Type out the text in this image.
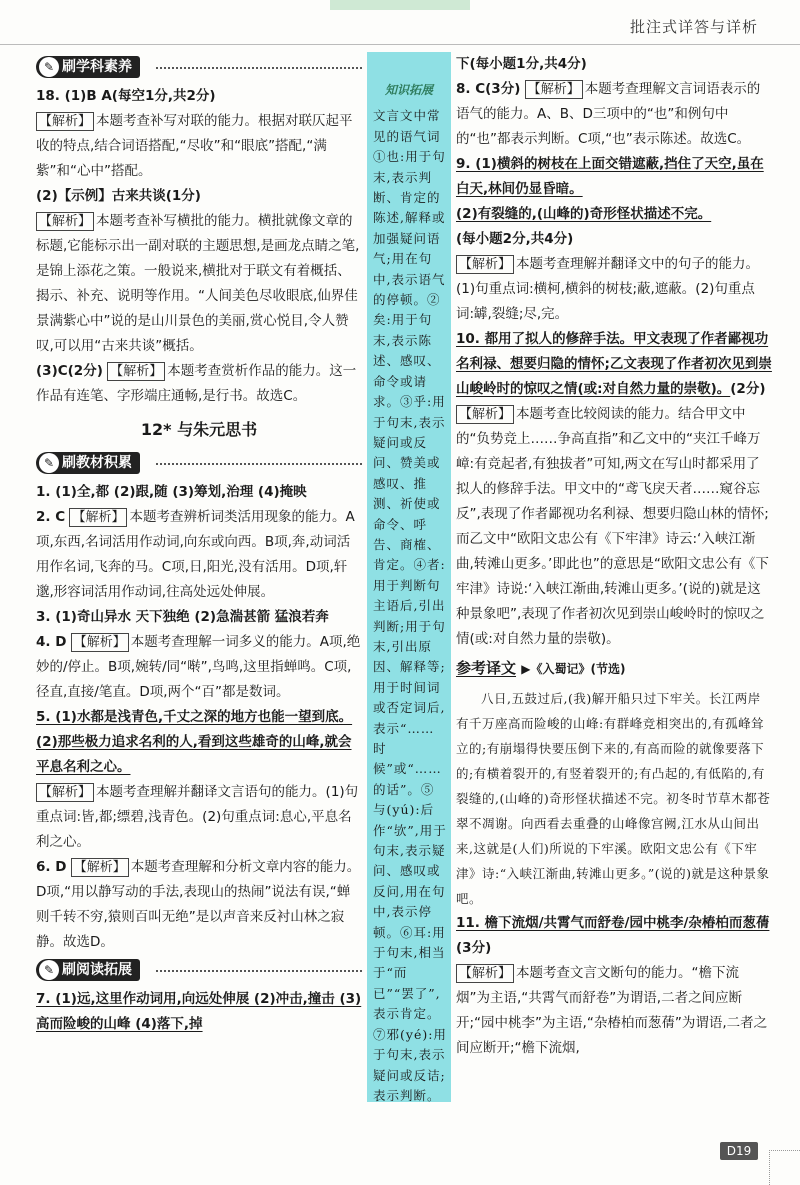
批注式详答与详析
✎ 刷学科素养

18. (1)B A(每空1分,共2分)

【解析】 本题考查补写对联的能力。根据对联仄起平收的特点,结合词语搭配,“尽收”和“眼底”搭配,“满紫”和“心中”搭配。

(2)【示例】古来共谈(1分)

【解析】 本题考查补写横批的能力。横批就像文章的标题,它能标示出一副对联的主题思想,是画龙点睛之笔,是锦上添花之策。一般说来,横批对于联文有着概括、揭示、补充、说明等作用。“人间美色尽收眼底,仙界佳景满紫心中”说的是山川景色的美丽,赏心悦目,令人赞叹,可以用“古来共谈”概括。

(3)C(2分) 【解析】 本题考查赏析作品的能力。这一作品有连笔、字形端庄通畅,是行书。故选C。

12* 与朱元思书
✎ 刷教材积累

1. (1)全,都 (2)跟,随 (3)筹划,治理 (4)掩映

2. C 【解析】 本题考查辨析词类活用现象的能力。A项,东西,名词活用作动词,向东或向西。B项,奔,动词活用作名词,飞奔的马。C项,日,阳光,没有活用。D项,轩邈,形容词活用作动词,往高处远处伸展。

3. (1)奇山异水 天下独绝 (2)急湍甚箭 猛浪若奔

4. D 【解析】 本题考查理解一词多义的能力。A项,绝妙的/停止。B项,婉转/同“啭”,鸟鸣,这里指蝉鸣。C项,径直,直接/笔直。D项,两个“百”都是数词。

5. (1)水都是浅青色,千丈之深的地方也能一望到底。

(2)那些极力追求名利的人,看到这些雄奇的山峰,就会平息名利之心。

【解析】 本题考查理解并翻译文言语句的能力。(1)句重点词:皆,都;缥碧,浅青色。(2)句重点词:息心,平息名利之心。

6. D 【解析】 本题考查理解和分析文章内容的能力。D项,“用以静写动的手法,表现山的热闹”说法有误,“蝉则千转不穷,猿则百叫无绝”是以声音来反衬山林之寂静。故选D。

✎ 刷阅读拓展

7. (1)远,这里作动词用,向远处伸展 (2)冲击,撞击 (3)高而险峻的山峰 (4)落下,掉

知识拓展
文言文中常见的语气词①也:用于句末,表示判断、肯定的陈述,解释或加强疑问语气;用在句中,表示语气的停顿。②矣:用于句末,表示陈述、感叹、命令或请求。③乎:用于句末,表示疑问或反问、赞美或感叹、推测、祈使或命令、呼告、商榷、肯定。④者:用于判断句主语后,引出判断;用于句末,引出原因、解释等;用于时间词或否定词后,表示“……时候”或“……的话”。⑤与(yú):后作“欤”,用于句末,表示疑问、感叹或反问,用在句中,表示停顿。⑥耳:用于句末,相当于“而已”“罢了”,表示肯定。⑦邪(yé):用于句末,表示疑问或反诘;表示判断。

下(每小题1分,共4分)

8. C(3分) 【解析】 本题考查理解文言词语表示的语气的能力。A、B、D三项中的“也”和例句中的“也”都表示判断。C项,“也”表示陈述。故选C。

9. (1)横斜的树枝在上面交错遮蔽,挡住了天空,虽在白天,林间仍显昏暗。

(2)有裂缝的,(山峰的)奇形怪状描述不完。

(每小题2分,共4分)

【解析】 本题考查理解并翻译文中的句子的能力。(1)句重点词:横柯,横斜的树枝;蔽,遮蔽。(2)句重点词:罅,裂缝;尽,完。

10. 都用了拟人的修辞手法。甲文表现了作者鄙视功名利禄、想要归隐的情怀;乙文表现了作者初次见到崇山峻岭时的惊叹之情(或:对自然力量的崇敬)。(2分)

【解析】 本题考查比较阅读的能力。结合甲文中的“负势竞上……争高直指”和乙文中的“夹江千峰万嶂:有竞起者,有独拔者”可知,两文在写山时都采用了拟人的修辞手法。甲文中的“鸢飞戾天者……窥谷忘反”,表现了作者鄙视功名利禄、想要归隐山林的情怀;而乙文中“欧阳文忠公有《下牢津》诗云:‘入峡江渐曲,转滩山更多。’即此也”的意思是“欧阳文忠公有《下牢津》诗说:‘入峡江渐曲,转滩山更多。’(说的)就是这种景象吧”,表现了作者初次见到崇山峻岭时的惊叹之情(或:对自然力量的崇敬)。

参考译文 ▶《入蜀记》(节选)

八日,五鼓过后,(我)解开船只过下牢关。长江两岸有千万座高而险峻的山峰:有群峰竞相突出的,有孤峰耸立的;有崩塌得快要压倒下来的,有高而险的就像要落下的;有横着裂开的,有竖着裂开的;有凸起的,有低陷的,有裂缝的,(山峰的)奇形怪状描述不完。初冬时节草木都苍翠不凋谢。向西看去重叠的山峰像宫阙,江水从山间出来,这就是(人们)所说的下牢溪。欧阳文忠公有《下牢津》诗:“入峡江渐曲,转滩山更多。”(说的)就是这种景象吧。

11. 檐下流烟/共霄气而舒卷/园中桃李/杂椿柏而葱蒨(3分)

【解析】 本题考查文言文断句的能力。“檐下流烟”为主语,“共霄气而舒卷”为谓语,二者之间应断开;“园中桃李”为主语,“杂椿柏而葱蒨”为谓语,二者之间应断开;“檐下流烟,

D19
